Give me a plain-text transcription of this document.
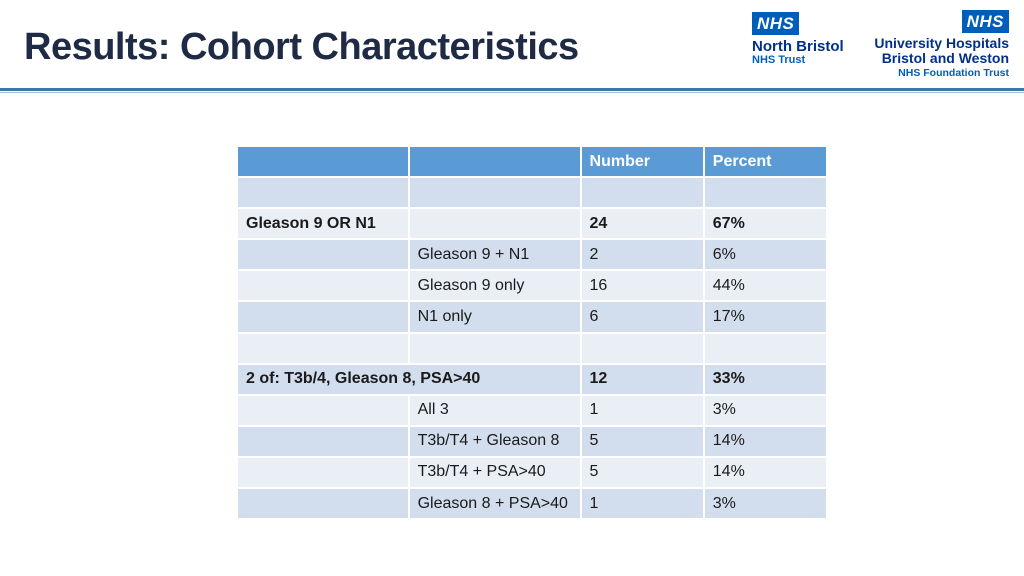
Results: Cohort Characteristics
NHS
North Bristol
NHS Trust
NHS
University Hospitals
Bristol and Weston
NHS Foundation Trust
		Number	Percent

Gleason 9 OR N1		24	67%
	Gleason 9 + N1	2	6%
	Gleason 9 only	16	44%
	N1 only	6	17%

2 of: T3b/4, Gleason 8, PSA>40		12	33%
	All 3	1	3%
	T3b/T4 + Gleason 8	5	14%
	T3b/T4 + PSA>40	5	14%
	Gleason 8 + PSA>40	1	3%
